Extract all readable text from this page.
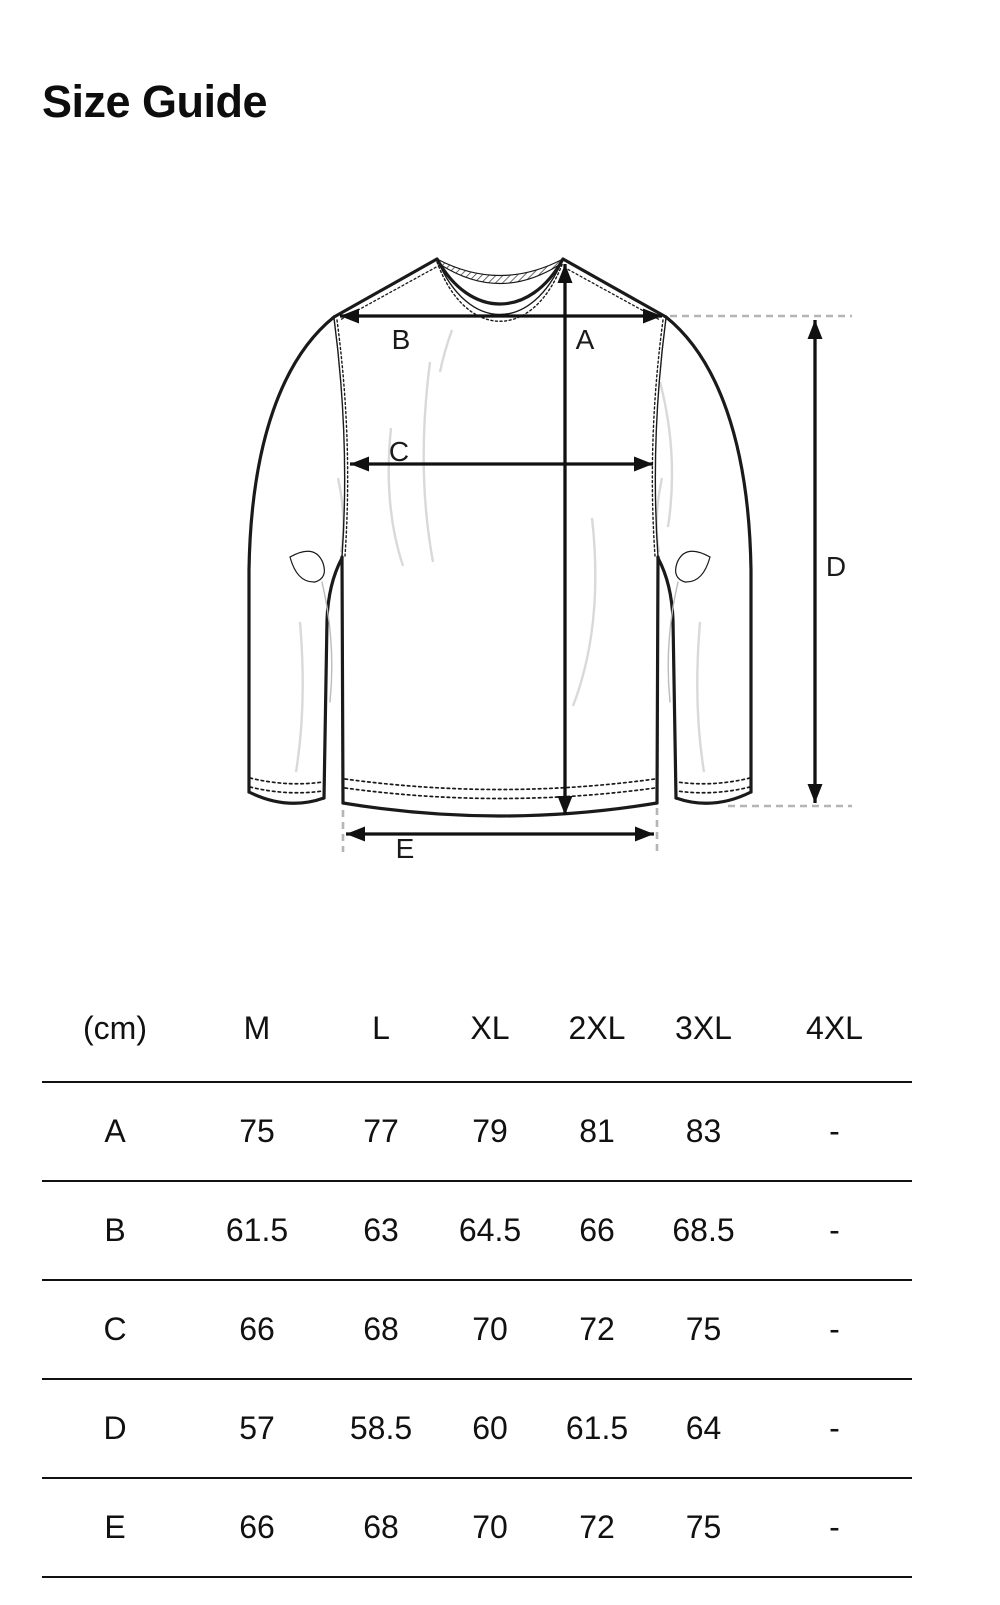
Size Guide
B	A
C
D
E
(cm)	M	L	XL	2XL	3XL	4XL
A	75	77	79	81	83	-
B	61.5	63	64.5	66	68.5	-
C	66	68	70	72	75	-
D	57	58.5	60	61.5	64	-
E	66	68	70	72	75	-
